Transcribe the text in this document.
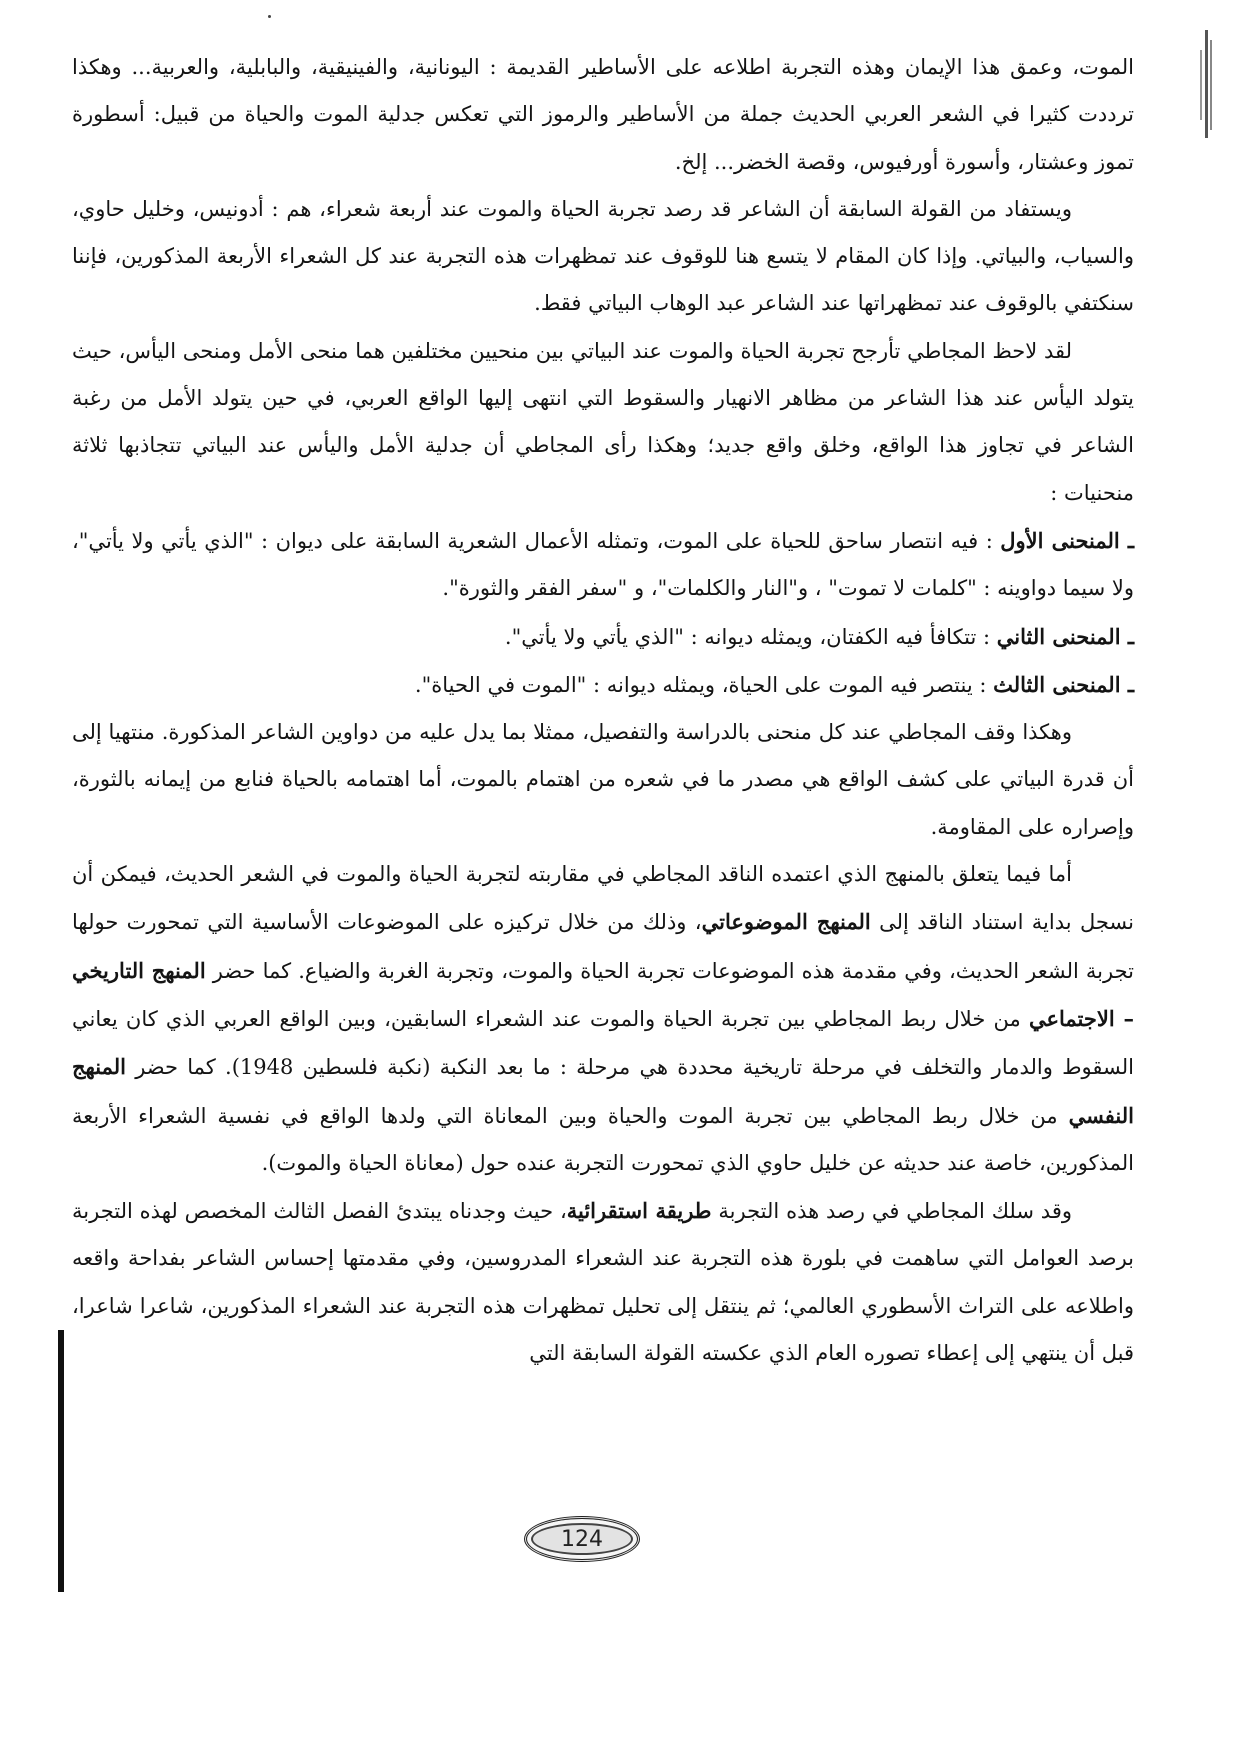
الموت، وعمق هذا الإيمان وهذه التجربة اطلاعه على الأساطير القديمة : اليونانية، والفينيقية، والبابلية، والعربية... وهكذا ترددت كثيرا في الشعر العربي الحديث جملة من الأساطير والرموز التي تعكس جدلية الموت والحياة من قبيل: أسطورة تموز وعشتار، وأسورة أورفيوس، وقصة الخضر... إلخ.

ويستفاد من القولة السابقة أن الشاعر قد رصد تجربة الحياة والموت عند أربعة شعراء، هم : أدونيس، وخليل حاوي، والسياب، والبياتي. وإذا كان المقام لا يتسع هنا للوقوف عند تمظهرات هذه التجربة عند كل الشعراء الأربعة المذكورين، فإننا سنكتفي بالوقوف عند تمظهراتها عند الشاعر عبد الوهاب البياتي فقط.

لقد لاحظ المجاطي تأرجح تجربة الحياة والموت عند البياتي بين منحيين مختلفين هما منحى الأمل ومنحى اليأس، حيث يتولد اليأس عند هذا الشاعر من مظاهر الانهيار والسقوط التي انتهى إليها الواقع العربي، في حين يتولد الأمل من رغبة الشاعر في تجاوز هذا الواقع، وخلق واقع جديد؛ وهكذا رأى المجاطي أن جدلية الأمل واليأس عند البياتي تتجاذبها ثلاثة منحنيات :

ـ المنحنى الأول : فيه انتصار ساحق للحياة على الموت، وتمثله الأعمال الشعرية السابقة على ديوان : "الذي يأتي ولا يأتي"، ولا سيما دواوينه : "كلمات لا تموت" ، و"النار والكلمات"، و "سفر الفقر والثورة".

ـ المنحنى الثاني : تتكافأ فيه الكفتان، ويمثله ديوانه : "الذي يأتي ولا يأتي".

ـ المنحنى الثالث : ينتصر فيه الموت على الحياة، ويمثله ديوانه : "الموت في الحياة".

وهكذا وقف المجاطي عند كل منحنى بالدراسة والتفصيل، ممثلا بما يدل عليه من دواوين الشاعر المذكورة. منتهيا إلى أن قدرة البياتي على كشف الواقع هي مصدر ما في شعره من اهتمام بالموت، أما اهتمامه بالحياة فنابع من إيمانه بالثورة، وإصراره على المقاومة.

أما فيما يتعلق بالمنهج الذي اعتمده الناقد المجاطي في مقاربته لتجربة الحياة والموت في الشعر الحديث، فيمكن أن نسجل بداية استناد الناقد إلى المنهج الموضوعاتي، وذلك من خلال تركيزه على الموضوعات الأساسية التي تمحورت حولها تجربة الشعر الحديث، وفي مقدمة هذه الموضوعات تجربة الحياة والموت، وتجربة الغربة والضياع. كما حضر المنهج التاريخي – الاجتماعي من خلال ربط المجاطي بين تجربة الحياة والموت عند الشعراء السابقين، وبين الواقع العربي الذي كان يعاني السقوط والدمار والتخلف في مرحلة تاريخية محددة هي مرحلة : ما بعد النكبة (نكبة فلسطين 1948). كما حضر المنهج النفسي من خلال ربط المجاطي بين تجربة الموت والحياة وبين المعاناة التي ولدها الواقع في نفسية الشعراء الأربعة المذكورين، خاصة عند حديثه عن خليل حاوي الذي تمحورت التجربة عنده حول (معاناة الحياة والموت).

وقد سلك المجاطي في رصد هذه التجربة طريقة استقرائية، حيث وجدناه يبتدئ الفصل الثالث المخصص لهذه التجربة برصد العوامل التي ساهمت في بلورة هذه التجربة عند الشعراء المدروسين، وفي مقدمتها إحساس الشاعر بفداحة واقعه واطلاعه على التراث الأسطوري العالمي؛ ثم ينتقل إلى تحليل تمظهرات هذه التجربة عند الشعراء المذكورين، شاعرا شاعرا، قبل أن ينتهي إلى إعطاء تصوره العام الذي عكسته القولة السابقة التي

124
